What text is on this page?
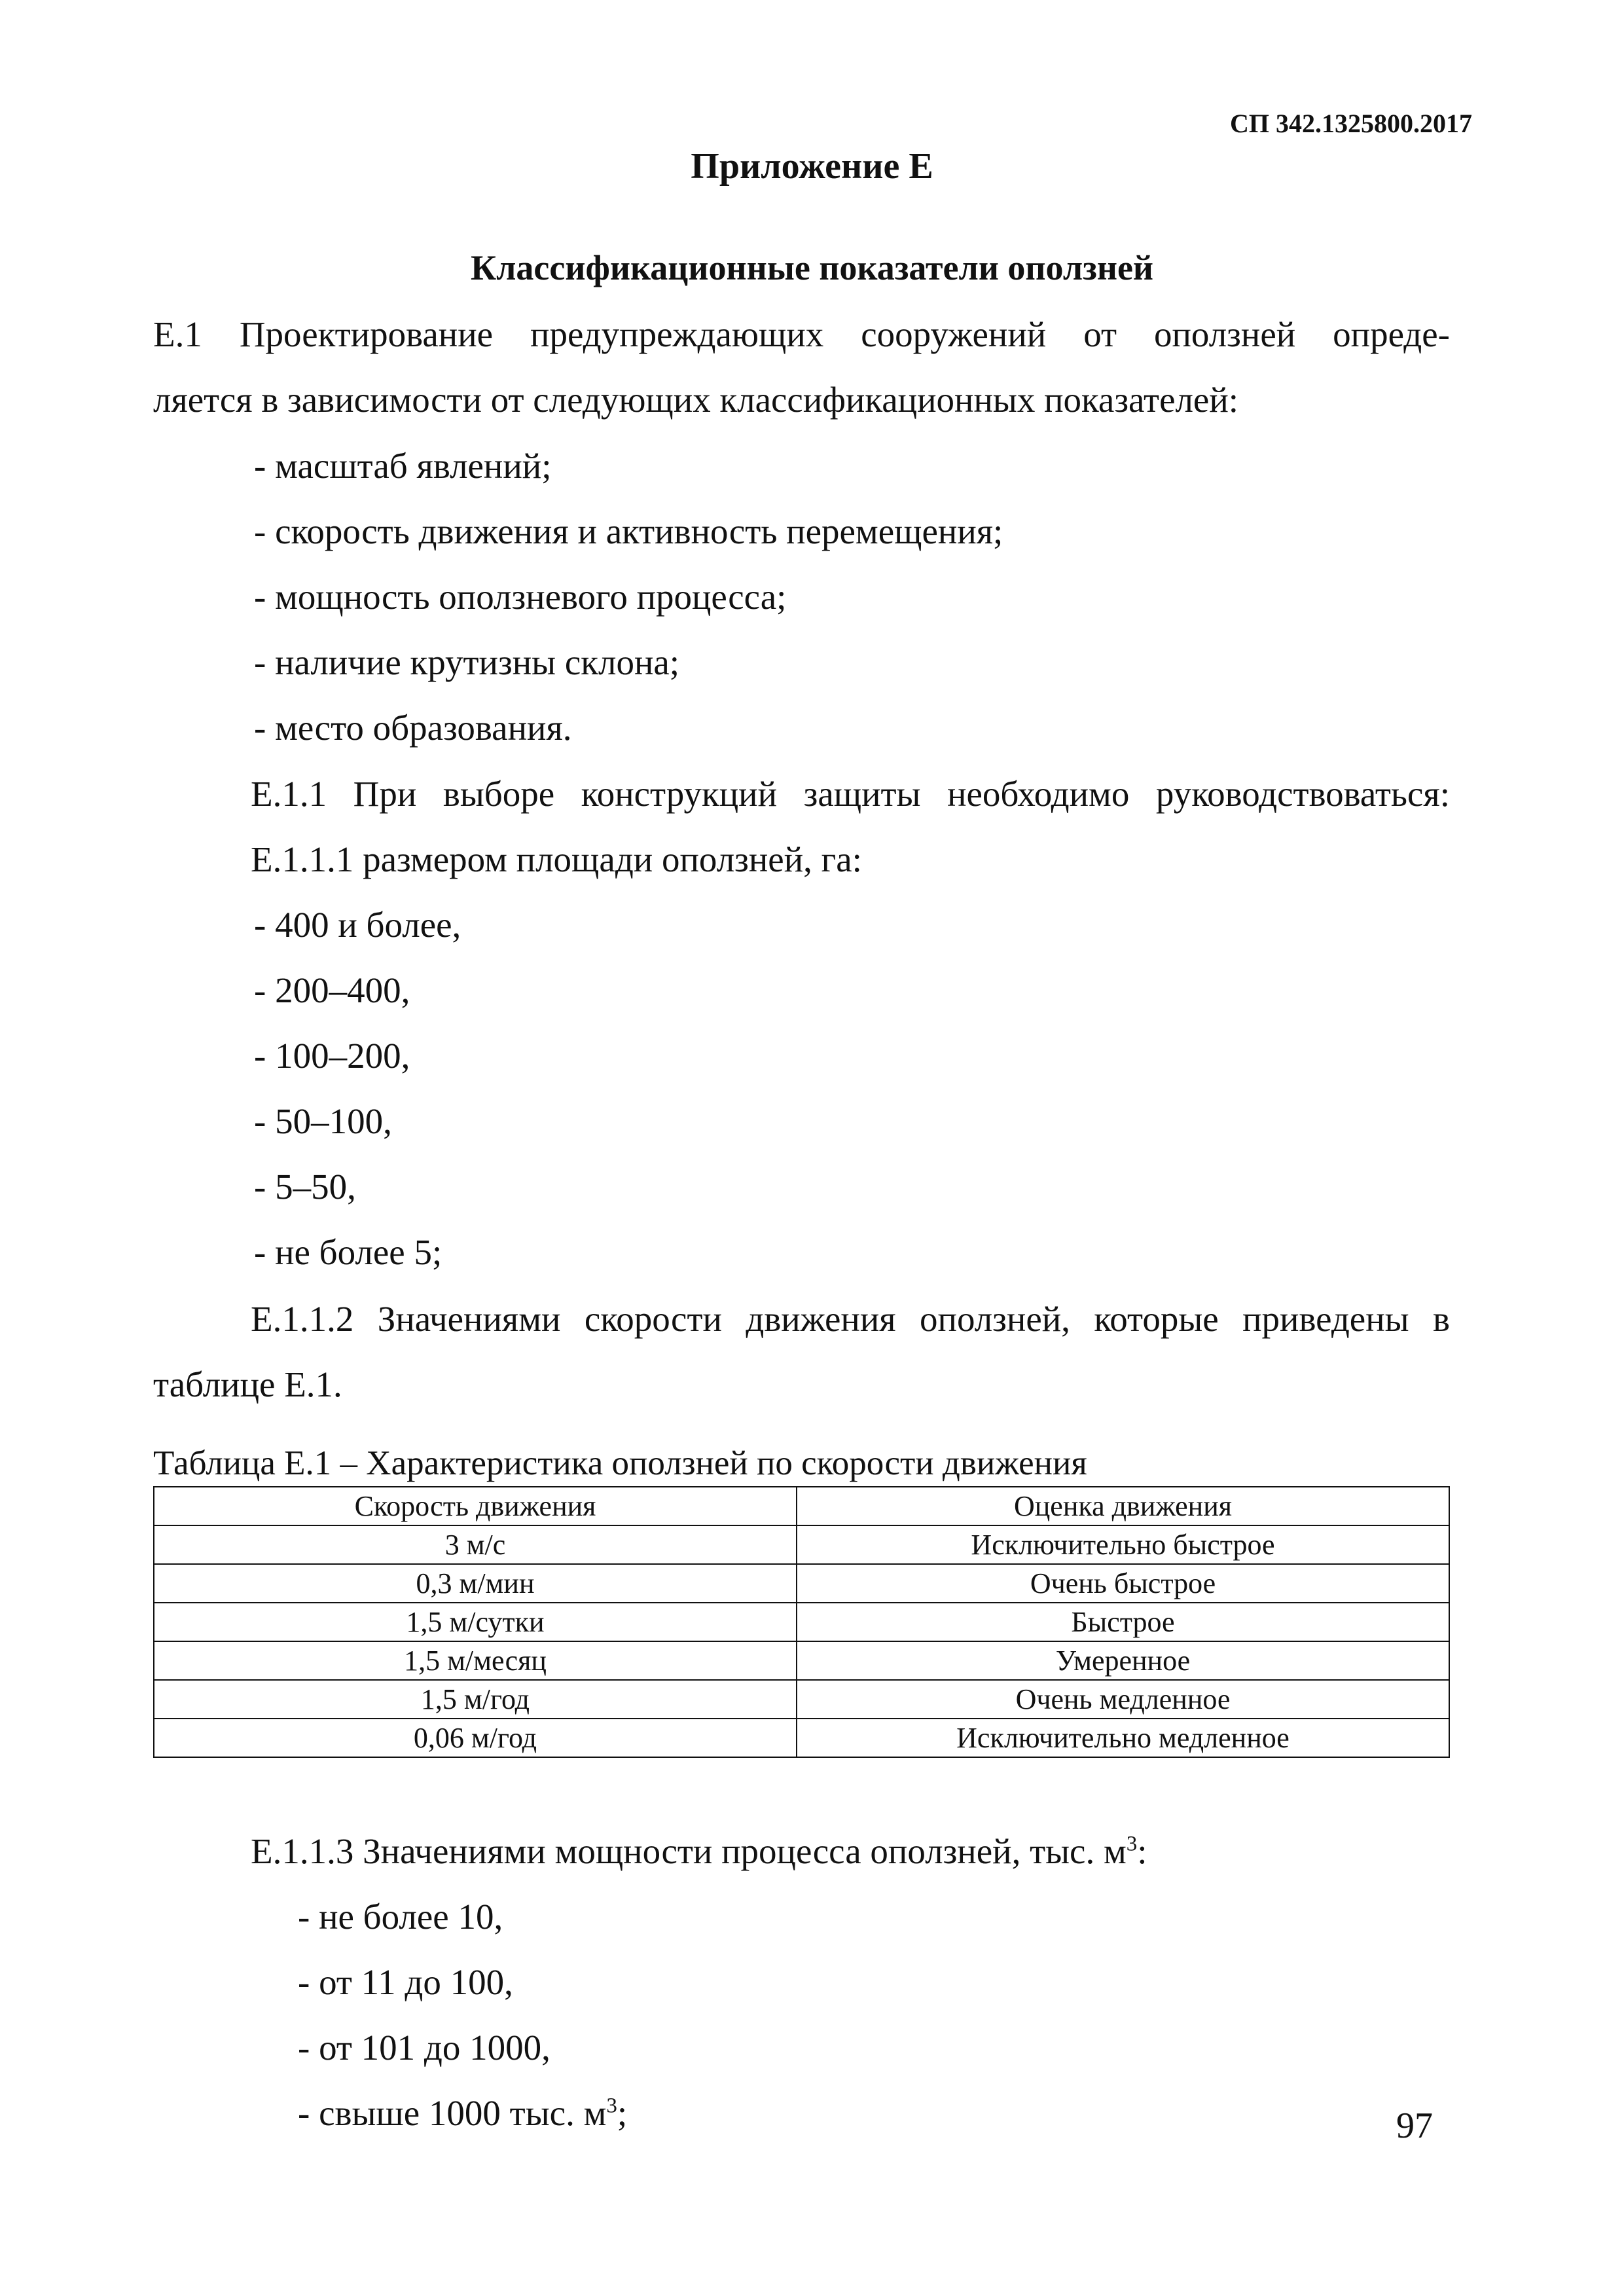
СП 342.1325800.2017
Приложение Е
Классификационные показатели оползней
Е.1 Проектирование предупреждающих сооружений от оползней опреде-
ляется в зависимости от следующих классификационных показателей:
- масштаб явлений;
- скорость движения и активность перемещения;
- мощность оползневого процесса;
- наличие крутизны склона;
- место образования.
Е.1.1 При выборе конструкций защиты необходимо руководствоваться:
Е.1.1.1 размером площади оползней, га:
- 400 и более,
- 200–400,
- 100–200,
- 50–100,
- 5–50,
- не более 5;
Е.1.1.2 Значениями скорости движения оползней, которые приведены в
таблице Е.1.
Таблица Е.1 – Характеристика оползней по скорости движения
Скорость движения	Оценка движения
3 м/с	Исключительно быстрое
0,3 м/мин	Очень быстрое
1,5 м/сутки	Быстрое
1,5 м/месяц	Умеренное
1,5 м/год	Очень медленное
0,06 м/год	Исключительно медленное
Е.1.1.3 Значениями мощности процесса оползней, тыс. $м^3$:
- не более 10,
- от 11 до 100,
- от 101 до 1000,
- свыше 1000 тыс. $м^3$;	97
